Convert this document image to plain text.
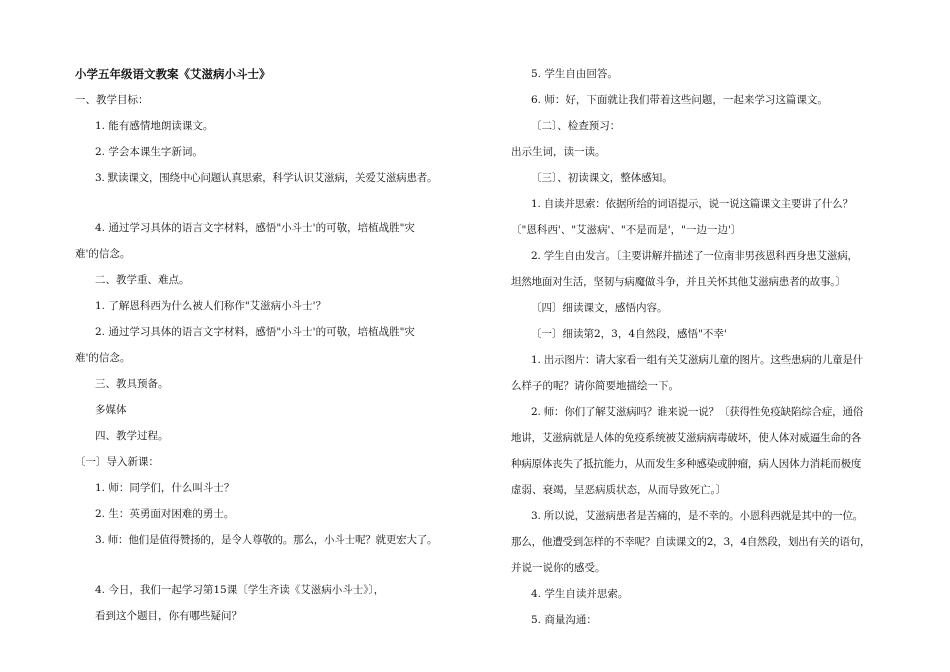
小学五年级语文教案《艾滋病小斗士》
一、教学目标：
1. 能有感情地朗读课文。
2. 学会本课生字新词。
3. 默读课文，围绕中心问题认真思索，科学认识艾滋病，关爱艾滋病患者。
4. 通过学习具体的语言文字材料，感悟"小斗士'的可敬，培植战胜"灾
难'的信念。
二、教学重、难点。
1. 了解恩科西为什么被人们称作"艾滋病小斗士'？
2. 通过学习具体的语言文字材料，感悟"小斗士'的可敬，培植战胜"灾
难'的信念。
三、教具预备。
多媒体
四、教学过程。
〔一〕导入新课：
1. 师：同学们，什么叫斗士？
2. 生：英勇面对困难的勇士。
3. 师：他们是值得赞扬的，是令人尊敬的。那么，小斗士呢？就更宏大了。
4. 今日，我们一起学习第15课〔学生齐读《艾滋病小斗士》〕，
看到这个题目，你有哪些疑问？
5. 学生自由回答。
6. 师：好，下面就让我们带着这些问题，一起来学习这篇课文。
〔二〕、检查预习：
出示生词，读一读。
〔三〕、初读课文，整体感知。
1. 自读并思索：依据所给的词语提示，说一说这篇课文主要讲了什么？
〔"恩科西'、"艾滋病'、"不是而是'，"一边一边'〕
2. 学生自由发言。〔主要讲解并描述了一位南非男孩恩科西身患艾滋病，
坦然地面对生活，坚韧与病魔做斗争，并且关怀其他艾滋病患者的故事。〕
〔四〕细读课文，感悟内容。
〔一〕细读第2，3，4自然段，感悟"不幸'
1. 出示图片：请大家看一组有关艾滋病儿童的图片。这些患病的儿童是什
么样子的呢？请你简要地描绘一下。
2. 师：你们了解艾滋病吗？谁来说一说？〔获得性免疫缺陷综合症，通俗
地讲，艾滋病就是人体的免疫系统被艾滋病病毒破坏，使人体对威逼生命的各
种病原体丧失了抵抗能力，从而发生多种感染或肿瘤，病人因体力消耗而极度
虚弱、衰竭，呈恶病质状态，从而导致死亡。〕
3. 所以说，艾滋病患者是苦痛的，是不幸的。小恩科西就是其中的一位。
那么，他遭受到怎样的不幸呢？自读课文的2，3，4自然段，划出有关的语句，
并说一说你的感受。
4. 学生自读并思索。
5. 商量沟通：
